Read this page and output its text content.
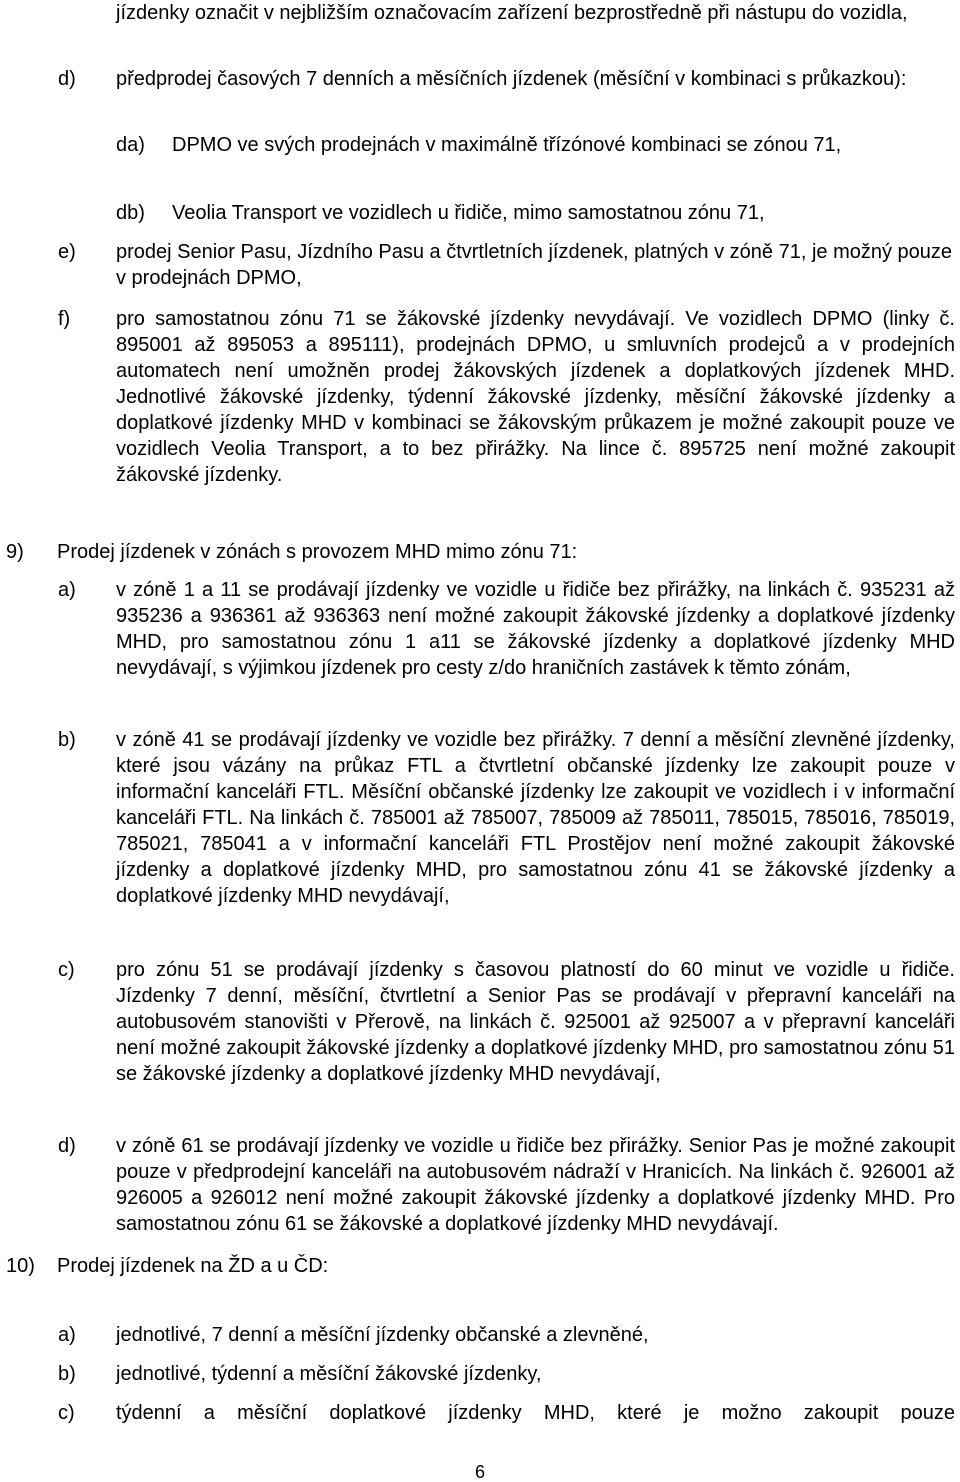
jízdenky označit v nejbližším označovacím zařízení bezprostředně při nástupu do vozidla,
d) předprodej časových 7 denních a měsíčních jízdenek (měsíční v kombinaci s průkazkou):
da) DPMO ve svých prodejnách v maximálně třízónové kombinaci se zónou 71,
db) Veolia Transport ve vozidlech u řidiče, mimo samostatnou zónu 71,
e) prodej Senior Pasu, Jízdního Pasu a čtvrtletních jízdenek, platných v zóně 71, je možný pouze v prodejnách DPMO,
f) pro samostatnou zónu 71 se žákovské jízdenky nevydávají. Ve vozidlech DPMO (linky č. 895001 až 895053 a 895111), prodejnách DPMO, u smluvních prodejců a v prodejních automatech není umožněn prodej žákovských jízdenek a doplatkových jízdenek MHD. Jednotlivé žákovské jízdenky, týdenní žákovské jízdenky, měsíční žákovské jízdenky a doplatkové jízdenky MHD v kombinaci se žákovským průkazem je možné zakoupit pouze ve vozidlech Veolia Transport, a to bez přirážky. Na lince č. 895725 není možné zakoupit žákovské jízdenky.
9) Prodej jízdenek v zónách s provozem MHD mimo zónu 71:
a) v zóně 1 a 11 se prodávají jízdenky ve vozidle u řidiče bez přirážky, na linkách č. 935231 až 935236 a 936361 až 936363 není možné zakoupit žákovské jízdenky a doplatkové jízdenky MHD, pro samostatnou zónu 1 a11 se žákovské jízdenky a doplatkové jízdenky MHD nevydávají, s výjimkou jízdenek pro cesty z/do hraničních zastávek k těmto zónám,
b) v zóně 41 se prodávají jízdenky ve vozidle bez přirážky. 7 denní a měsíční zlevněné jízdenky, které jsou vázány na průkaz FTL a čtvrtletní občanské jízdenky lze zakoupit pouze v informační kanceláři FTL. Měsíční občanské jízdenky lze zakoupit ve vozidlech i v informační kanceláři FTL. Na linkách č. 785001 až 785007, 785009 až 785011, 785015, 785016, 785019, 785021, 785041 a v informační kanceláři FTL Prostějov není možné zakoupit žákovské jízdenky a doplatkové jízdenky MHD, pro samostatnou zónu 41 se žákovské jízdenky a doplatkové jízdenky MHD nevydávají,
c) pro zónu 51 se prodávají jízdenky s časovou platností do 60 minut ve vozidle u řidiče. Jízdenky 7 denní, měsíční, čtvrtletní a Senior Pas se prodávají v přepravní kanceláři na autobusovém stanovišti v Přerově, na linkách č. 925001 až 925007 a v přepravní kanceláři není možné zakoupit žákovské jízdenky a doplatkové jízdenky MHD, pro samostatnou zónu 51 se žákovské jízdenky a doplatkové jízdenky MHD nevydávají,
d) v zóně 61 se prodávají jízdenky ve vozidle u řidiče bez přirážky. Senior Pas je možné zakoupit pouze v předprodejní kanceláři na autobusovém nádraží v Hranicích. Na linkách č. 926001 až 926005 a 926012 není možné zakoupit žákovské jízdenky a doplatkové jízdenky MHD. Pro samostatnou zónu 61 se žákovské a doplatkové jízdenky MHD nevydávají.
10) Prodej jízdenek na ŽD a u ČD:
a) jednotlivé, 7 denní a měsíční jízdenky občanské a zlevněné,
b) jednotlivé, týdenní a měsíční žákovské jízdenky,
c) týdenní a měsíční doplatkové jízdenky MHD, které je možno zakoupit pouze
6
